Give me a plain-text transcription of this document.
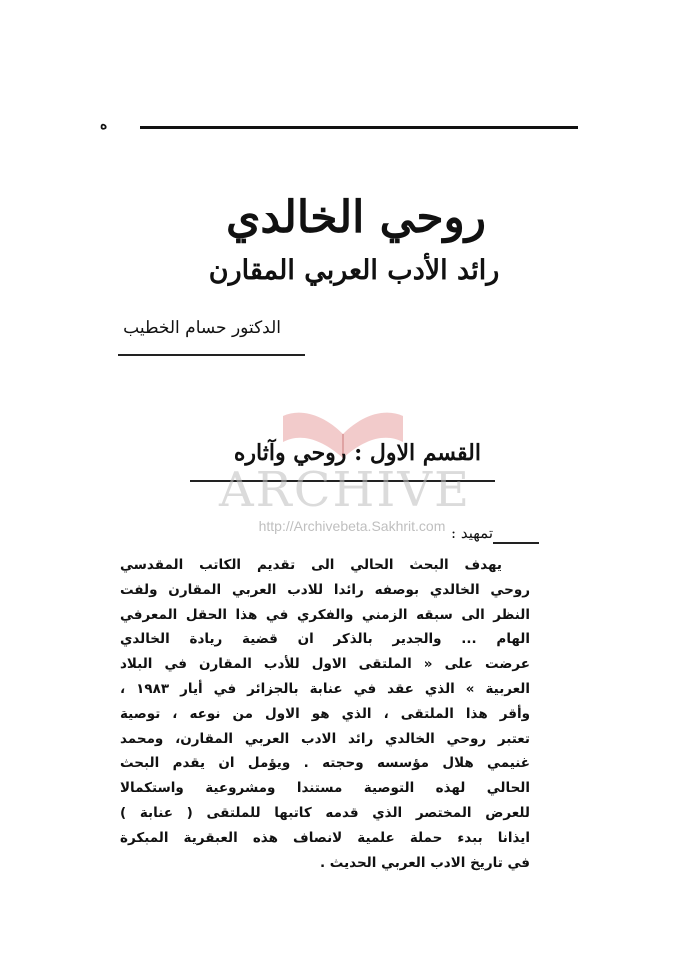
ه
روحي الخالدي
رائد الأدب العربي المقارن
الدكتور حسام الخطيب
القسم الاول : روحي وآثاره
ARCHIVE
http://Archivebeta.Sakhrit.com تمهيد :
يهدف البحث الحالي الى تقديم الكاتب المقدسي
روحي الخالدي بوصفه رائدا للادب العربي المقارن ولفت
النظر الى سبقه الزمني والفكري في هذا الحقل المعرفي
الهام ... والجدير بالذكر ان قضية ريادة الخالدي
عرضت على « الملتقى الاول للأدب المقارن في البلاد
العربية » الذي عقد في عنابة بالجزائر في أيار ١٩٨٣ ،
وأقر هذا الملتقى ، الذي هو الاول من نوعه ، توصية
تعتبر روحي الخالدي رائد الادب العربي المقارن، ومحمد
غنيمي هلال مؤسسه وحجته . ويؤمل ان يقدم البحث
الحالي لهذه التوصية مستندا ومشروعية واستكمالا
للعرض المختصر الذي قدمه كاتبها للملتقى ( عنابة )
ايذانا ببدء حملة علمية لانصاف هذه العبقرية المبكرة
في تاريخ الادب العربي الحديث .
